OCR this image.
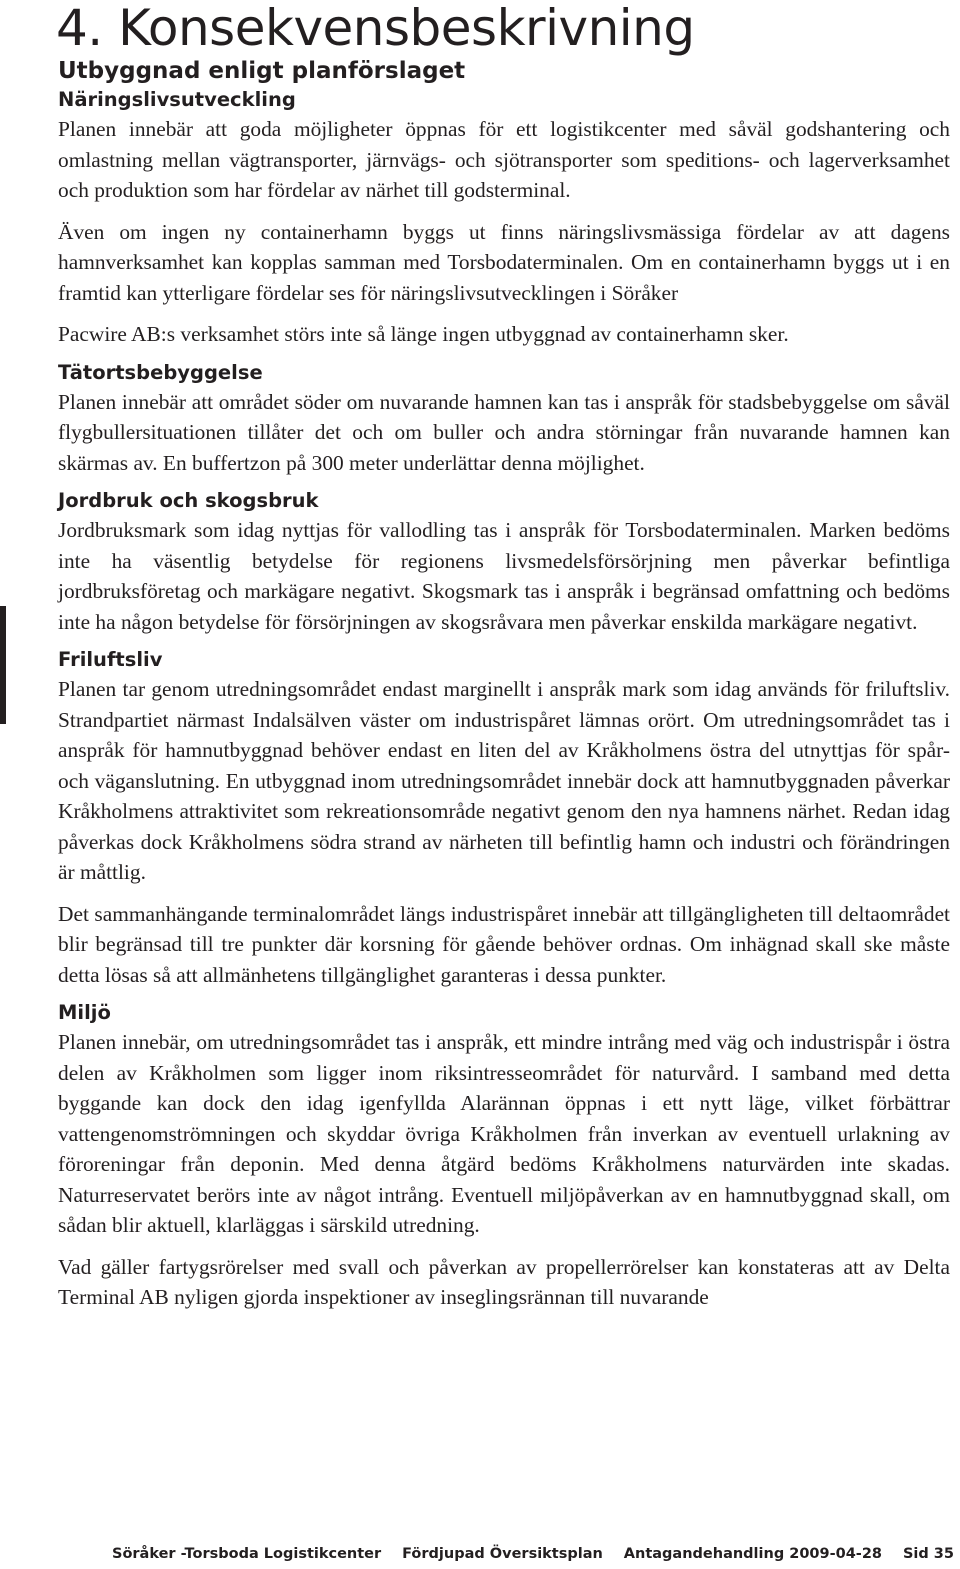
4. Konsekvensbeskrivning
Utbyggnad enligt planförslaget
Näringslivsutveckling

Planen innebär att goda möjligheter öppnas för ett logistikcenter med såväl godshantering och omlastning mellan vägtransporter, järnvägs- och sjötransporter som speditions- och lagerverksamhet och produktion som har fördelar av närhet till godsterminal.

Även om ingen ny containerhamn byggs ut finns näringslivsmässiga fördelar av att dagens hamnverksamhet kan kopplas samman med Torsbodaterminalen. Om en containerhamn byggs ut i en framtid kan ytterligare fördelar ses för näringslivsutvecklingen i Söråker

Pacwire AB:s verksamhet störs inte så länge ingen utbyggnad av containerhamn sker.

Tätortsbebyggelse

Planen innebär att området söder om nuvarande hamnen kan tas i anspråk för stadsbebyggelse om såväl flygbullersituationen tillåter det och om buller och andra störningar från nuvarande hamnen kan skärmas av. En buffertzon på 300 meter underlättar denna möjlighet.

Jordbruk och skogsbruk

Jordbruksmark som idag nyttjas för vallodling tas i anspråk för Torsbodaterminalen. Marken bedöms inte ha väsentlig betydelse för regionens livsmedelsförsörjning men påverkar befintliga jordbruksföretag och markägare negativt. Skogsmark tas i anspråk i begränsad omfattning och bedöms inte ha någon betydelse för försörjningen av skogsråvara men påverkar enskilda markägare negativt.

Friluftsliv

Planen tar genom utredningsområdet endast marginellt i anspråk mark som idag används för friluftsliv. Strandpartiet närmast Indalsälven väster om industrispåret lämnas orört. Om utredningsområdet tas i anspråk för hamnutbyggnad behöver endast en liten del av Kråkholmens östra del utnyttjas för spår- och väganslutning. En utbyggnad inom utredningsområdet innebär dock att hamnutbyggnaden påverkar Kråkholmens attraktivitet som rekreationsområde negativt genom den nya hamnens närhet. Redan idag påverkas dock Kråkholmens södra strand av närheten till befintlig hamn och industri och förändringen är måttlig.

Det sammanhängande terminalområdet längs industrispåret innebär att tillgängligheten till deltaområdet blir begränsad till tre punkter där korsning för gående behöver ordnas. Om inhägnad skall ske måste detta lösas så att allmänhetens tillgänglighet garanteras i dessa punkter.

Miljö

Planen innebär, om utredningsområdet tas i anspråk, ett mindre intrång med väg och industrispår i östra delen av Kråkholmen som ligger inom riksintresseområdet för naturvård. I samband med detta byggande kan dock den idag igenfyllda Alarännan öppnas i ett nytt läge, vilket förbättrar vattengenomströmningen och skyddar övriga Kråkholmen från inverkan av eventuell urlakning av föroreningar från deponin. Med denna åtgärd bedöms Kråkholmens naturvärden inte skadas. Naturreservatet berörs inte av något intrång. Eventuell miljöpåverkan av en hamnutbyggnad skall, om sådan blir aktuell, klarläggas i särskild utredning.

Vad gäller fartygsrörelser med svall och påverkan av propellerrörelser kan konstateras att av Delta Terminal AB nyligen gjorda inspektioner av inseglingsrännan till nuvarande

Söråker -Torsboda Logistikcenter Fördjupad Översiktsplan Antagandehandling 2009-04-28 Sid 35
